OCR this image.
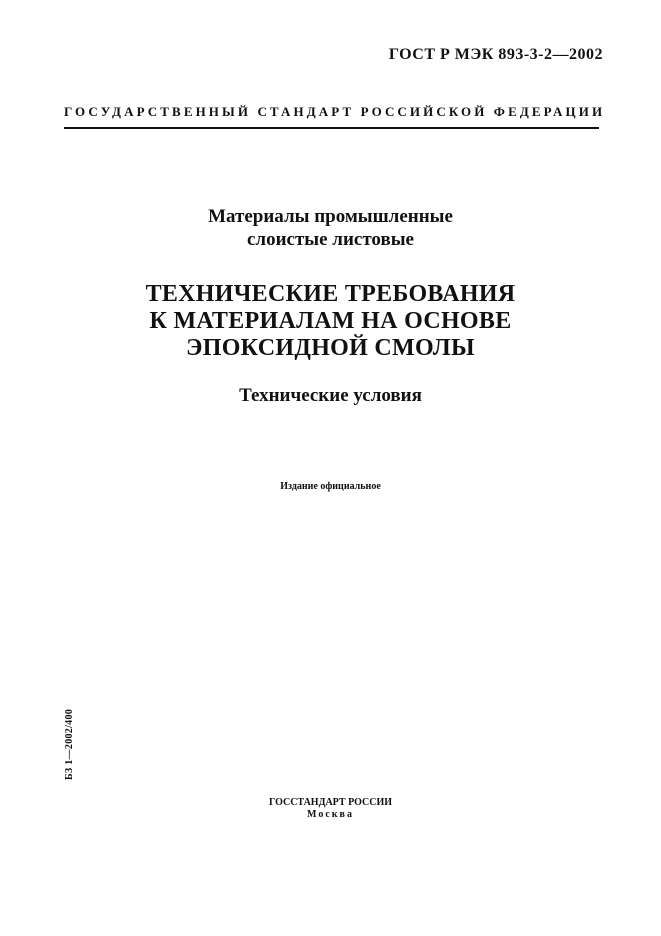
ГОСТ Р МЭК 893-3-2—2002
ГОСУДАРСТВЕННЫЙ СТАНДАРТ РОССИЙСКОЙ ФЕДЕРАЦИИ
Материалы промышленные
слоистые листовые
ТЕХНИЧЕСКИЕ ТРЕБОВАНИЯ
К МАТЕРИАЛАМ НА ОСНОВЕ
ЭПОКСИДНОЙ СМОЛЫ
Технические условия
Издание официальное
БЗ 1—2002/400
ГОССТАНДАРТ РОССИИ
Москва
